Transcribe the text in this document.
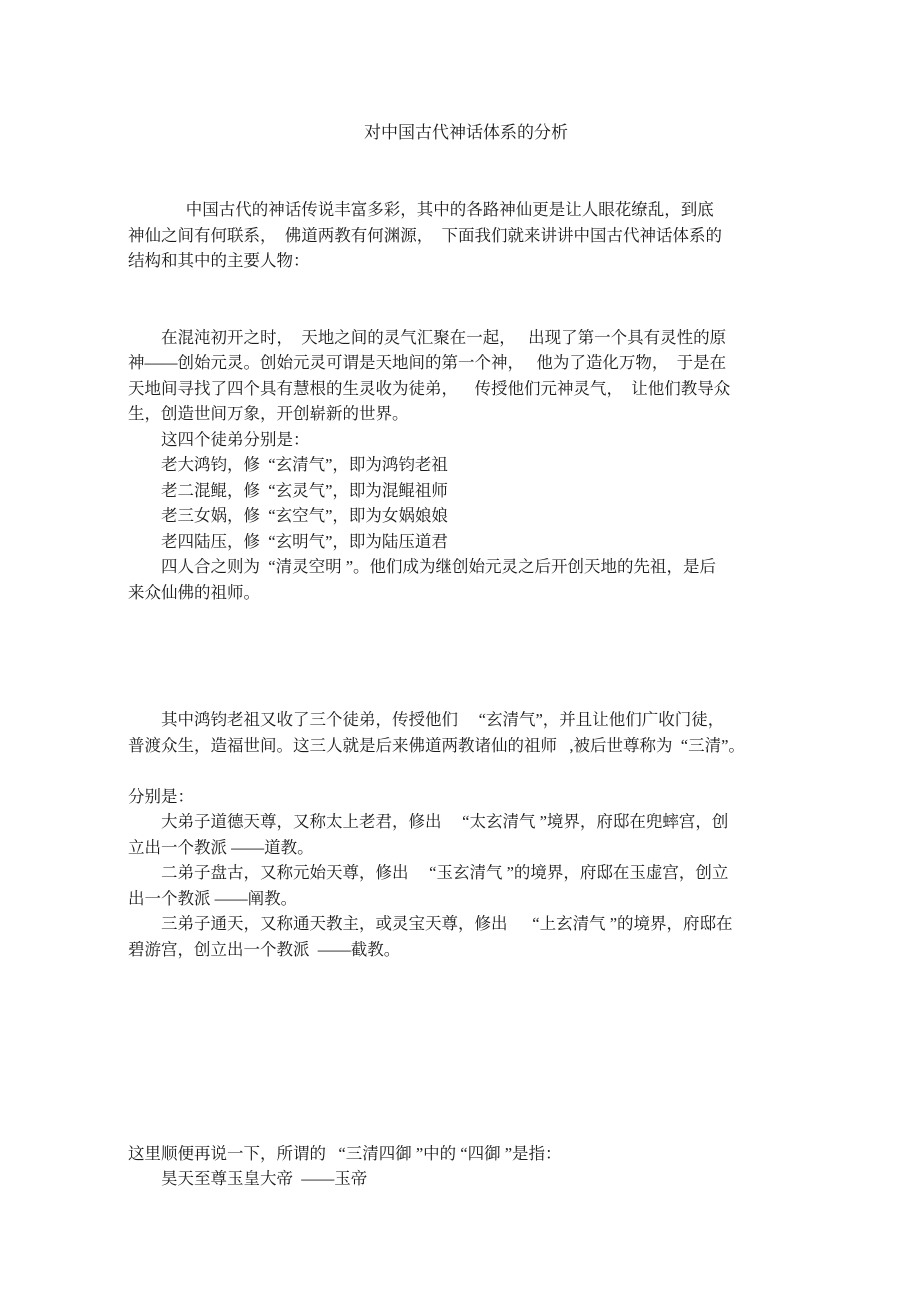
对中国古代神话体系的分析
中国古代的神话传说丰富多彩，其中的各路神仙更是让人眼花缭乱，到底
神仙之间有何联系，  佛道两教有何渊源，  下面我们就来讲讲中国古代神话体系的
结构和其中的主要人物：
在混沌初开之时，  天地之间的灵气汇聚在一起，   出现了第一个具有灵性的原
神——创始元灵。创始元灵可谓是天地间的第一个神，   他为了造化万物，  于是在
天地间寻找了四个具有慧根的生灵收为徒弟，    传授他们元神灵气，  让他们教导众
生，创造世间万象，开创崭新的世界。
这四个徒弟分别是：
老大鸿钧，修  “玄清气”，即为鸿钧老祖
老二混鲲，修  “玄灵气”，即为混鲲祖师
老三女娲，修  “玄空气”，即为女娲娘娘
老四陆压，修  “玄明气”，即为陆压道君
四人合之则为  “清灵空明 ”。他们成为继创始元灵之后开创天地的先祖，是后
来众仙佛的祖师。
其中鸿钧老祖又收了三个徒弟，传授他们     “玄清气”，并且让他们广收门徒，
普渡众生，造福世间。这三人就是后来佛道两教诸仙的祖师   ,被后世尊称为  “三清”。
分别是：
大弟子道德天尊，又称太上老君，修出     “太玄清气 ”境界，府邸在兜蟀宫，创
立出一个教派 ——道教。
二弟子盘古，又称元始天尊，修出     “玉玄清气 ”的境界，府邸在玉虚宫，创立
出一个教派 ——阐教。
三弟子通天，又称通天教主，或灵宝天尊，修出      “上玄清气 ”的境界，府邸在
碧游宫，创立出一个教派  ——截教。
这里顺便再说一下，所谓的   “三清四御 ”中的 “四御 ”是指：
昊天至尊玉皇大帝  ——玉帝
